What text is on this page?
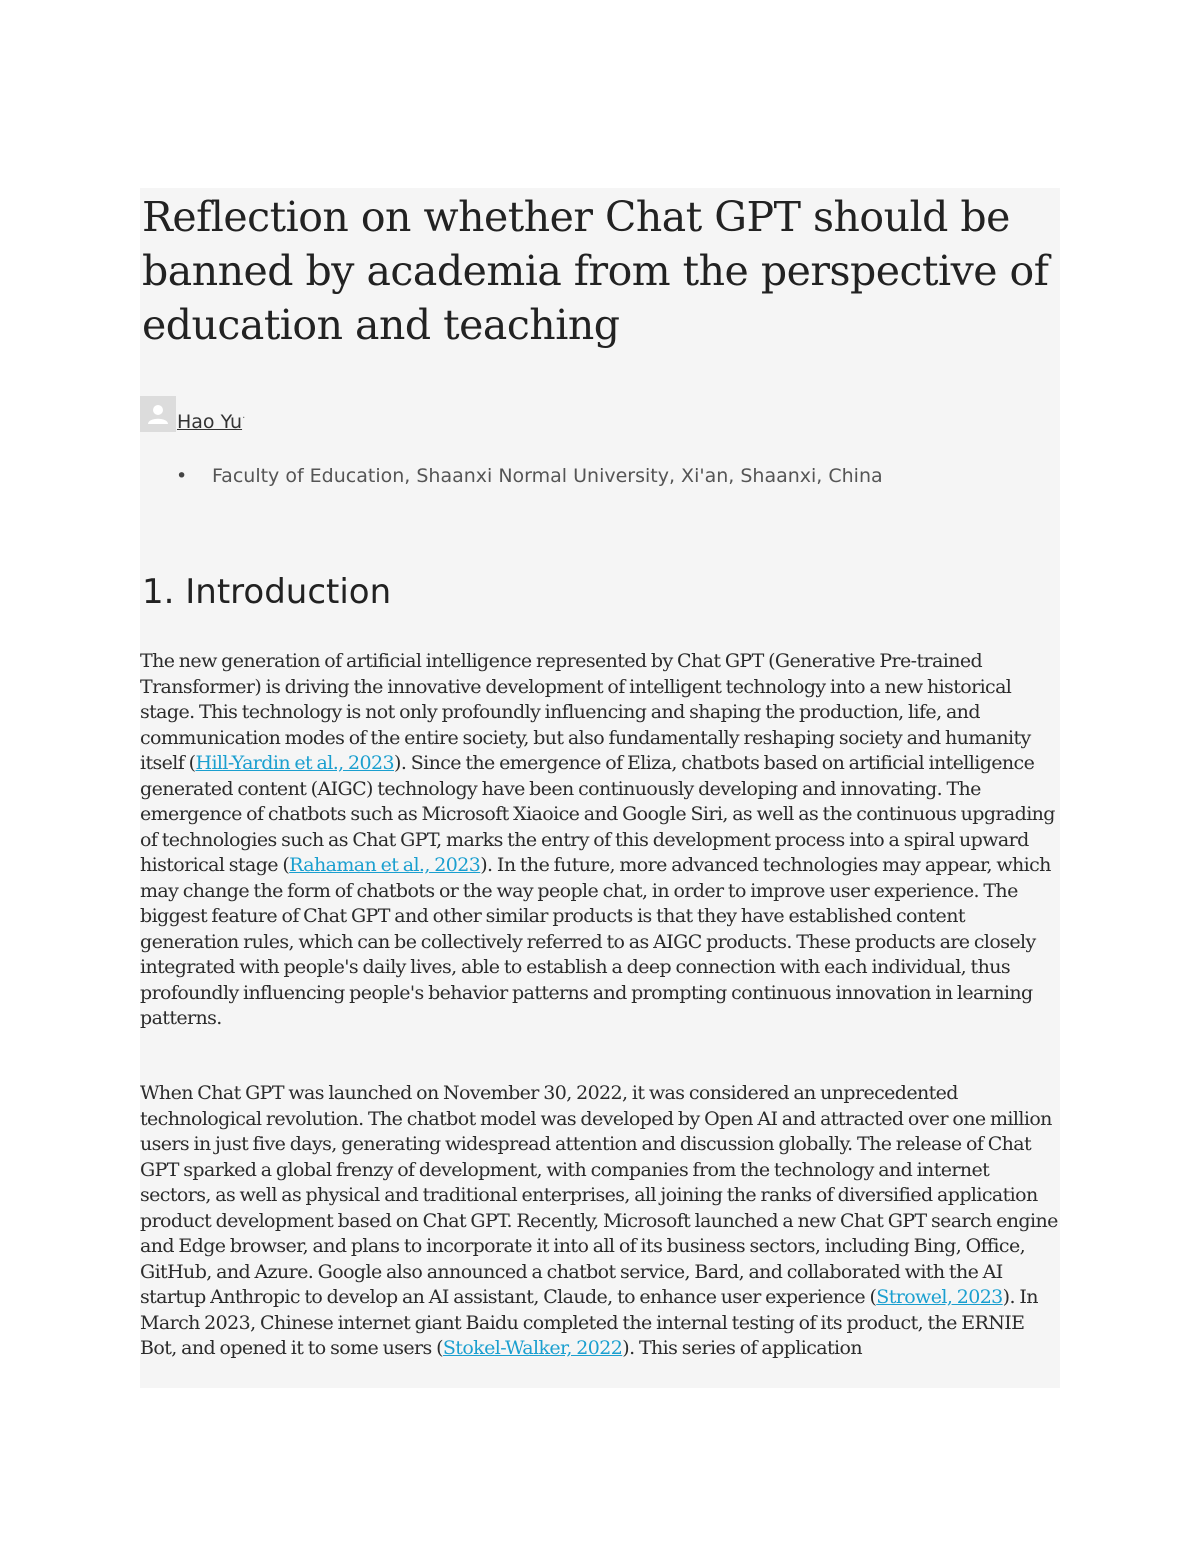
Reflection on whether Chat GPT should be banned by academia from the perspective of education and teaching
Hao Yu ·
• Faculty of Education, Shaanxi Normal University, Xi'an, Shaanxi, China
1. Introduction

The new generation of artificial intelligence represented by Chat GPT (Generative Pre-trained Transformer) is driving the innovative development of intelligent technology into a new historical stage. This technology is not only profoundly influencing and shaping the production, life, and communication modes of the entire society, but also fundamentally reshaping society and humanity itself (Hill-Yardin et al., 2023). Since the emergence of Eliza, chatbots based on artificial intelligence generated content (AIGC) technology have been continuously developing and innovating. The emergence of chatbots such as Microsoft Xiaoice and Google Siri, as well as the continuous upgrading of technologies such as Chat GPT, marks the entry of this development process into a spiral upward historical stage (Rahaman et al., 2023). In the future, more advanced technologies may appear, which may change the form of chatbots or the way people chat, in order to improve user experience. The biggest feature of Chat GPT and other similar products is that they have established content generation rules, which can be collectively referred to as AIGC products. These products are closely integrated with people's daily lives, able to establish a deep connection with each individual, thus profoundly influencing people's behavior patterns and prompting continuous innovation in learning patterns.

When Chat GPT was launched on November 30, 2022, it was considered an unprecedented technological revolution. The chatbot model was developed by Open AI and attracted over one million users in just five days, generating widespread attention and discussion globally. The release of Chat GPT sparked a global frenzy of development, with companies from the technology and internet sectors, as well as physical and traditional enterprises, all joining the ranks of diversified application product development based on Chat GPT. Recently, Microsoft launched a new Chat GPT search engine and Edge browser, and plans to incorporate it into all of its business sectors, including Bing, Office, GitHub, and Azure. Google also announced a chatbot service, Bard, and collaborated with the AI startup Anthropic to develop an AI assistant, Claude, to enhance user experience (Strowel, 2023). In March 2023, Chinese internet giant Baidu completed the internal testing of its product, the ERNIE Bot, and opened it to some users (Stokel-Walker, 2022). This series of application
